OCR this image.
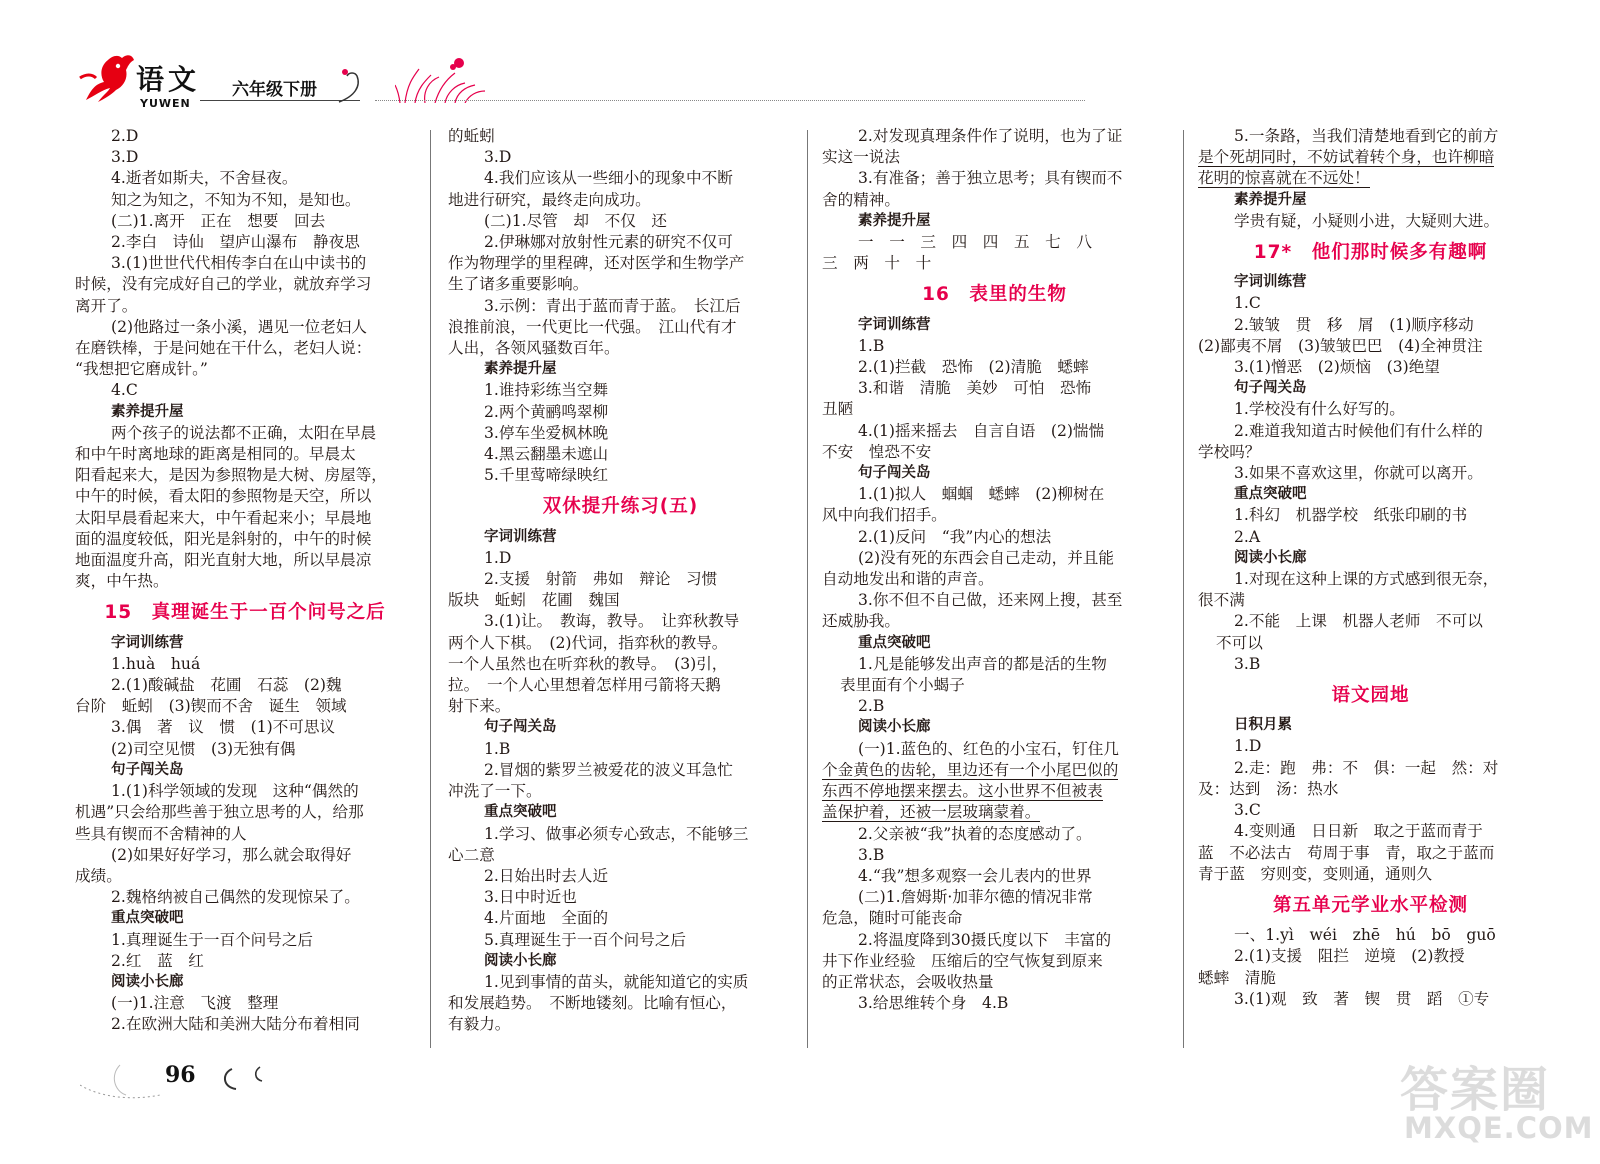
语文
YUWEN
六年级下册

2.D

3.D

4.逝者如斯夫，不舍昼夜。

知之为知之，不知为不知，是知也。

(二)1.离开　正在　想要　回去

2.李白　诗仙　望庐山瀑布　静夜思

3.(1)世世代代相传李白在山中读书的

时候，没有完成好自己的学业，就放弃学习

离开了。

(2)他路过一条小溪，遇见一位老妇人

在磨铁棒，于是问她在干什么，老妇人说：

“我想把它磨成针。”

4.C

素养提升屋

两个孩子的说法都不正确，太阳在早晨

和中午时离地球的距离是相同的。早晨太

阳看起来大，是因为参照物是大树、房屋等，

中午的时候，看太阳的参照物是天空，所以

太阳早晨看起来大，中午看起来小；早晨地

面的温度较低，阳光是斜射的，中午的时候

地面温度升高，阳光直射大地，所以早晨凉

爽，中午热。

15　真理诞生于一百个问号之后

字词训练营

1.huà　huá

2.(1)酸碱盐　花圃　石蕊　(2)魏

台阶　蚯蚓　(3)锲而不舍　诞生　领域

3.偶　著　议　惯　(1)不可思议

(2)司空见惯　(3)无独有偶

句子闯关岛

1.(1)科学领域的发现　这种“偶然的

机遇”只会给那些善于独立思考的人，给那

些具有锲而不舍精神的人

(2)如果好好学习，那么就会取得好

成绩。

2.魏格纳被自己偶然的发现惊呆了。

重点突破吧

1.真理诞生于一百个问号之后

2.红　蓝　红

阅读小长廊

(一)1.注意　飞渡　整理

2.在欧洲大陆和美洲大陆分布着相同

的蚯蚓

3.D

4.我们应该从一些细小的现象中不断

地进行研究，最终走向成功。

(二)1.尽管　却　不仅　还

2.伊琳娜对放射性元素的研究不仅可

作为物理学的里程碑，还对医学和生物学产

生了诸多重要影响。

3.示例：青出于蓝而青于蓝。　长江后

浪推前浪，一代更比一代强。　江山代有才

人出，各领风骚数百年。

素养提升屋

1.谁持彩练当空舞

2.两个黄鹂鸣翠柳

3.停车坐爱枫林晚

4.黑云翻墨未遮山

5.千里莺啼绿映红

双休提升练习(五)

字词训练营

1.D

2.支援　射箭　弗如　辩论　习惯

版块　蚯蚓　花圃　魏国

3.(1)让。　教诲，教导。　让弈秋教导

两个人下棋。　(2)代词，指弈秋的教导。

一个人虽然也在听弈秋的教导。　(3)引，

拉。　一个人心里想着怎样用弓箭将天鹅

射下来。

句子闯关岛

1.B

2.冒烟的紫罗兰被爱花的波义耳急忙

冲洗了一下。

重点突破吧

1.学习、做事必须专心致志，不能够三

心二意

2.日始出时去人近

3.日中时近也

4.片面地　全面的

5.真理诞生于一百个问号之后

阅读小长廊

1.见到事情的苗头，就能知道它的实质

和发展趋势。　不断地镂刻。比喻有恒心，

有毅力。

2.对发现真理条件作了说明，也为了证

实这一说法

3.有准备；善于独立思考；具有锲而不

舍的精神。

素养提升屋

一　一　三　四　四　五　七　八

三　两　十　十

16　表里的生物

字词训练营

1.B

2.(1)拦截　恐怖　(2)清脆　蟋蟀

3.和谐　清脆　美妙　可怕　恐怖

丑陋

4.(1)摇来摇去　自言自语　(2)惴惴

不安　惶恐不安

句子闯关岛

1.(1)拟人　蝈蝈　蟋蟀　(2)柳树在

风中向我们招手。

2.(1)反问　“我”内心的想法

(2)没有死的东西会自己走动，并且能

自动地发出和谐的声音。

3.你不但不自己做，还来网上搜，甚至

还威胁我。

重点突破吧

1.凡是能够发出声音的都是活的生物

表里面有个小蝎子

2.B

阅读小长廊

(一)1.蓝色的、红色的小宝石，钉住几

个金黄色的齿轮，里边还有一个小尾巴似的

东西不停地摆来摆去。这小世界不但被表

盖保护着，还被一层玻璃蒙着。

2.父亲被“我”执着的态度感动了。

3.B

4.“我”想多观察一会儿表内的世界

(二)1.詹姆斯·加菲尔德的情况非常

危急，随时可能丧命

2.将温度降到30摄氏度以下　丰富的

井下作业经验　压缩后的空气恢复到原来

的正常状态，会吸收热量

3.给思维转个身　4.B

5.一条路，当我们清楚地看到它的前方

是个死胡同时，不妨试着转个身，也许柳暗

花明的惊喜就在不远处！

素养提升屋

学贵有疑，小疑则小进，大疑则大进。

17*　他们那时候多有趣啊

字词训练营

1.C

2.皱皱　贯　移　屑　(1)顺序移动

(2)鄙夷不屑　(3)皱皱巴巴　(4)全神贯注

3.(1)憎恶　(2)烦恼　(3)绝望

句子闯关岛

1.学校没有什么好写的。

2.难道我知道古时候他们有什么样的

学校吗？

3.如果不喜欢这里，你就可以离开。

重点突破吧

1.科幻　机器学校　纸张印刷的书

2.A

阅读小长廊

1.对现在这种上课的方式感到很无奈，

很不满

2.不能　上课　机器人老师　不可以

不可以

3.B

语文园地

日积月累

1.D

2.走：跑　弗：不　俱：一起　然：对

及：达到　汤：热水

3.C

4.变则通　日日新　取之于蓝而青于

蓝　不必法古　苟周于事　青，取之于蓝而

青于蓝　穷则变，变则通，通则久

第五单元学业水平检测

一、1.yì　wéi　zhē　hú　bō　guō

2.(1)支援　阻拦　逆境　(2)教授

蟋蟀　清脆

3.(1)观　致　著　锲　贯　蹈　①专

96	答案圈
MXQE.COM
